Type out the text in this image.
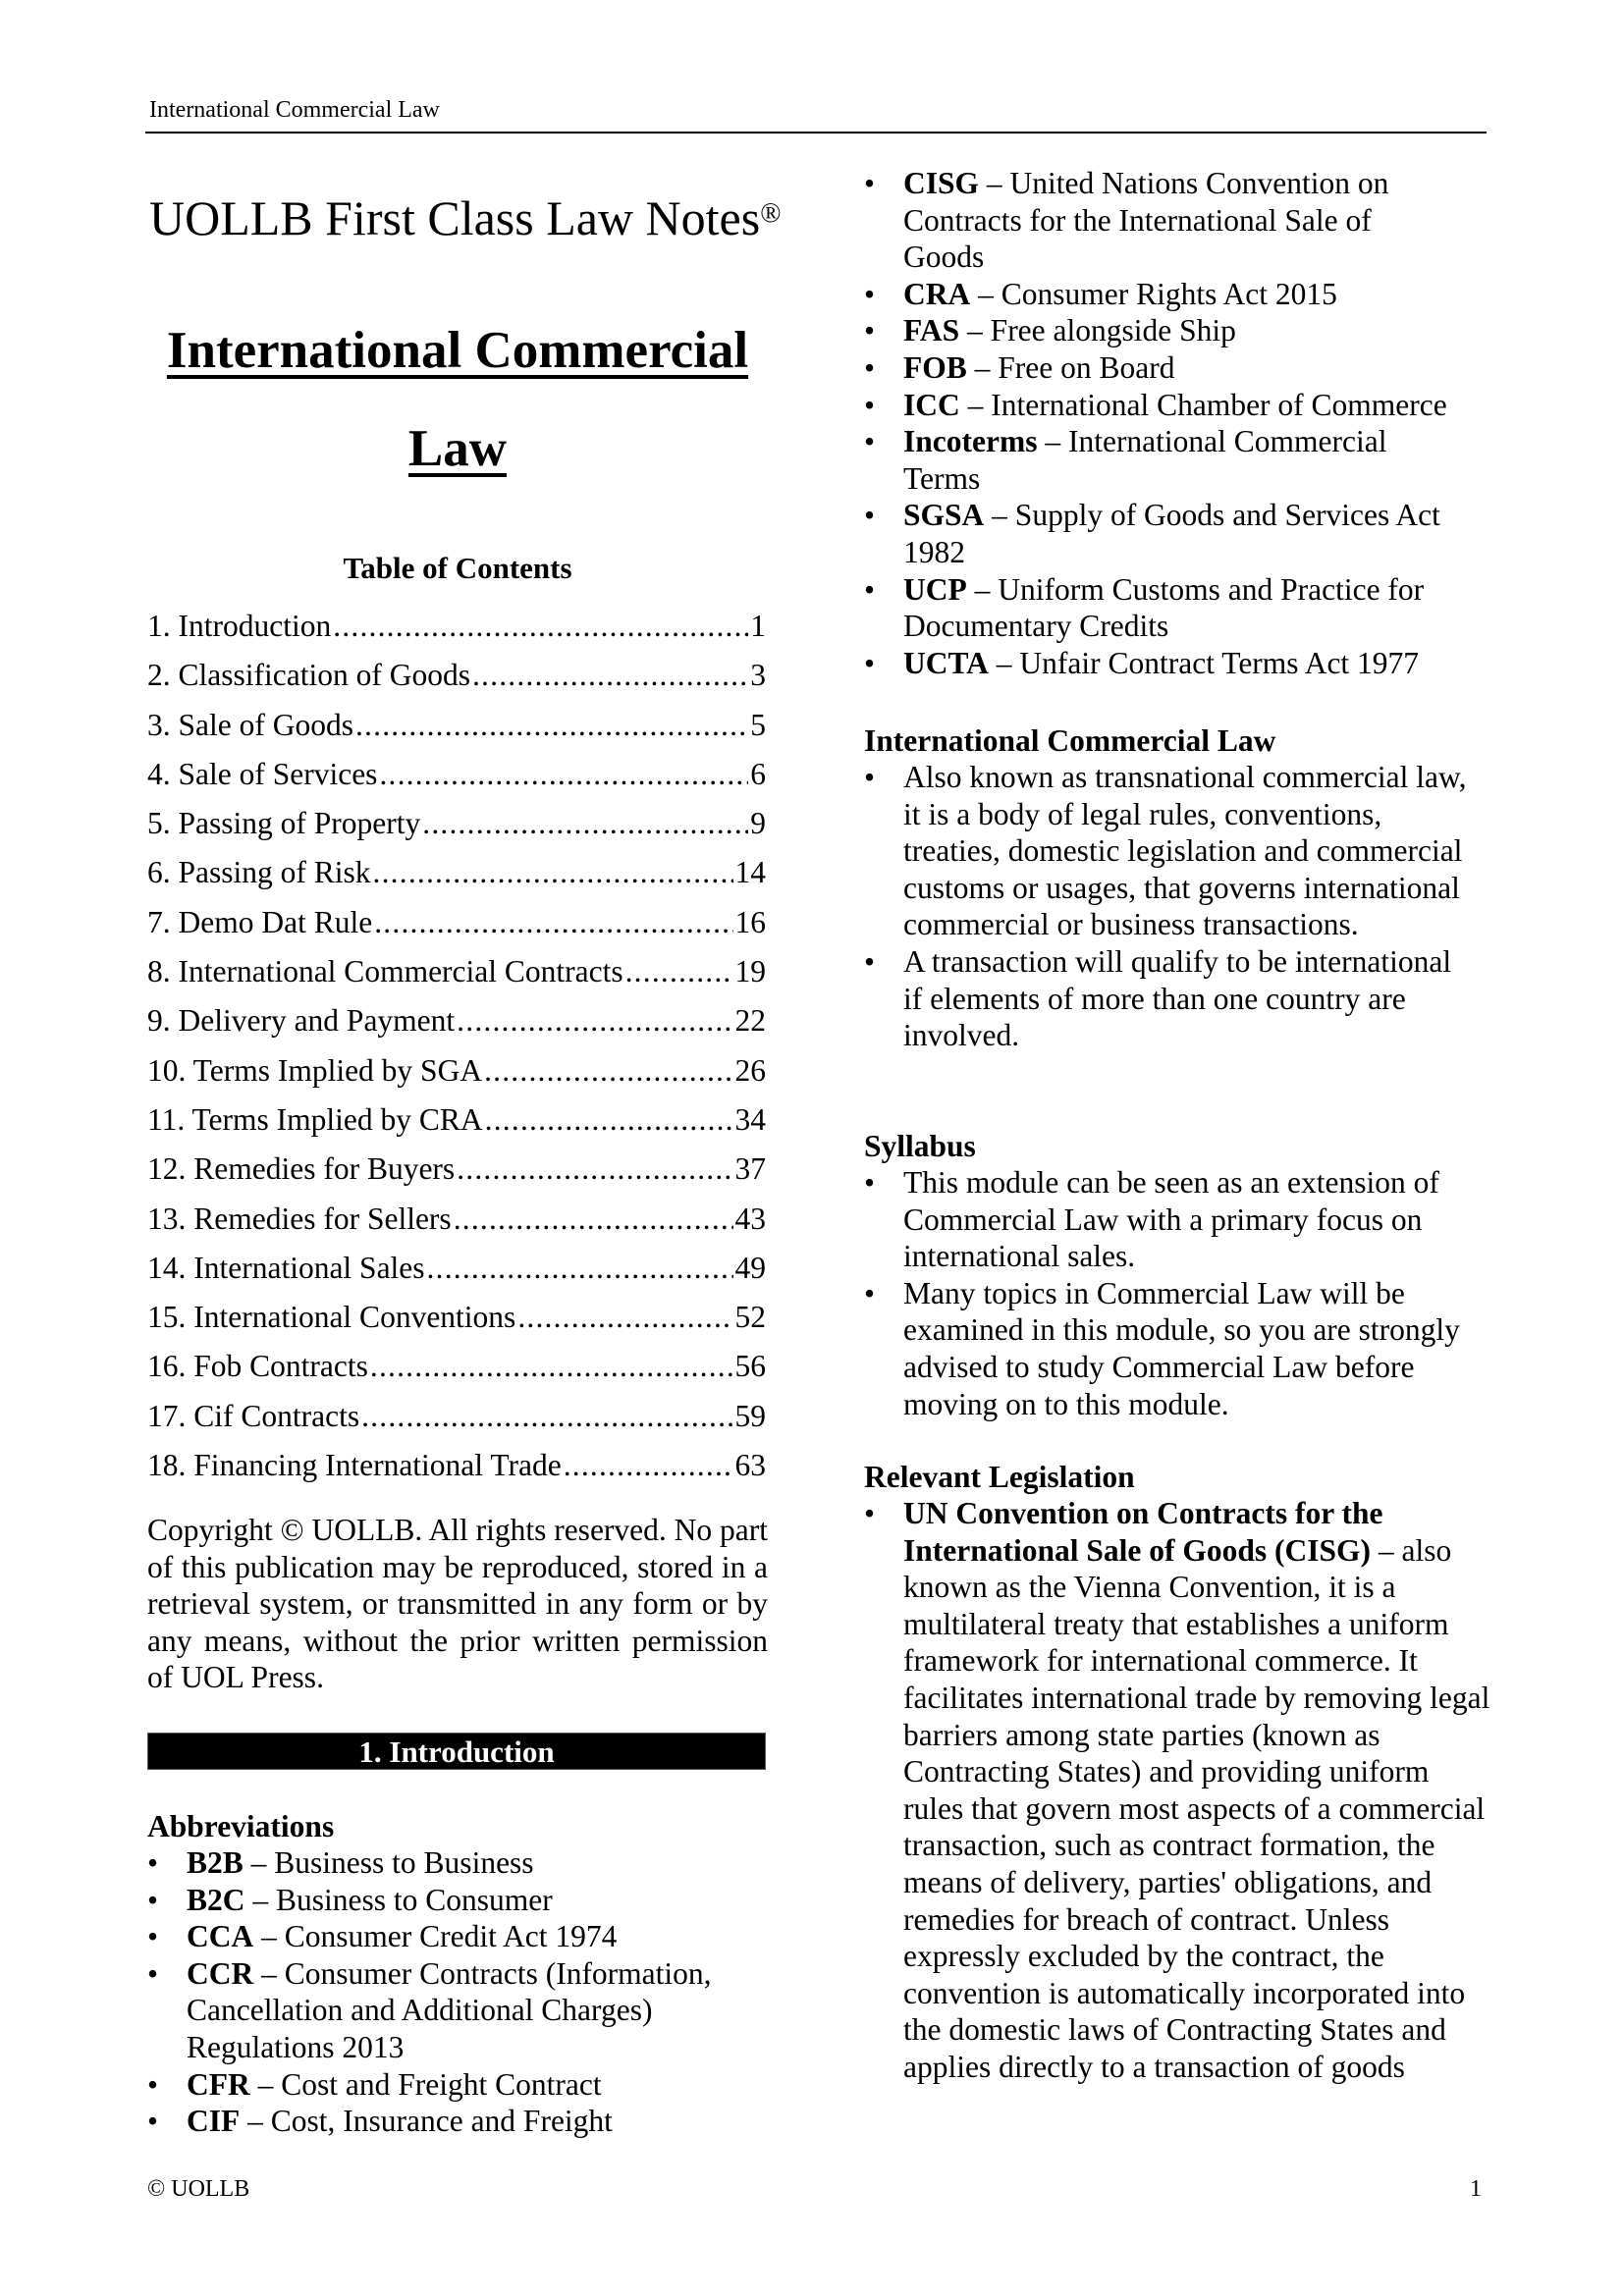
International Commercial Law
UOLLB First Class Law Notes®
International Commercial
Law
Table of Contents
1. Introduction .....	1
2. Classification of Goods .....	3
3. Sale of Goods .....	5
4. Sale of Services .....	6
5. Passing of Property .....	9
6. Passing of Risk .....	14
7. Demo Dat Rule .....	16
8. International Commercial Contracts .....	19
9. Delivery and Payment .....	22
10. Terms Implied by SGA .....	26
11. Terms Implied by CRA .....	34
12. Remedies for Buyers .....	37
13. Remedies for Sellers .....	43
14. International Sales .....	49
15. International Conventions .....	52
16. Fob Contracts .....	56
17. Cif Contracts .....	59
18. Financing International Trade .....	63
Copyright © UOLLB. All rights reserved. No part of this publication may be reproduced, stored in a retrieval system, or transmitted in any form or by any means, without the prior written permission of UOL Press.
1. Introduction
Abbreviations
• B2B – Business to Business
• B2C – Business to Consumer
• CCA – Consumer Credit Act 1974
• CCR – Consumer Contracts (Information, Cancellation and Additional Charges) Regulations 2013
• CFR – Cost and Freight Contract
• CIF – Cost, Insurance and Freight
• CISG – United Nations Convention on Contracts for the International Sale of Goods
• CRA – Consumer Rights Act 2015
• FAS – Free alongside Ship
• FOB – Free on Board
• ICC – International Chamber of Commerce
• Incoterms – International Commercial Terms
• SGSA – Supply of Goods and Services Act 1982
• UCP – Uniform Customs and Practice for Documentary Credits
• UCTA – Unfair Contract Terms Act 1977
International Commercial Law
• Also known as transnational commercial law, it is a body of legal rules, conventions, treaties, domestic legislation and commercial customs or usages, that governs international commercial or business transactions.
• A transaction will qualify to be international if elements of more than one country are involved.
Syllabus
• This module can be seen as an extension of Commercial Law with a primary focus on international sales.
• Many topics in Commercial Law will be examined in this module, so you are strongly advised to study Commercial Law before moving on to this module.
Relevant Legislation
• UN Convention on Contracts for the International Sale of Goods (CISG) – also known as the Vienna Convention, it is a multilateral treaty that establishes a uniform framework for international commerce. It facilitates international trade by removing legal barriers among state parties (known as Contracting States) and providing uniform rules that govern most aspects of a commercial transaction, such as contract formation, the means of delivery, parties' obligations, and remedies for breach of contract. Unless expressly excluded by the contract, the convention is automatically incorporated into the domestic laws of Contracting States and applies directly to a transaction of goods
© UOLLB	1
